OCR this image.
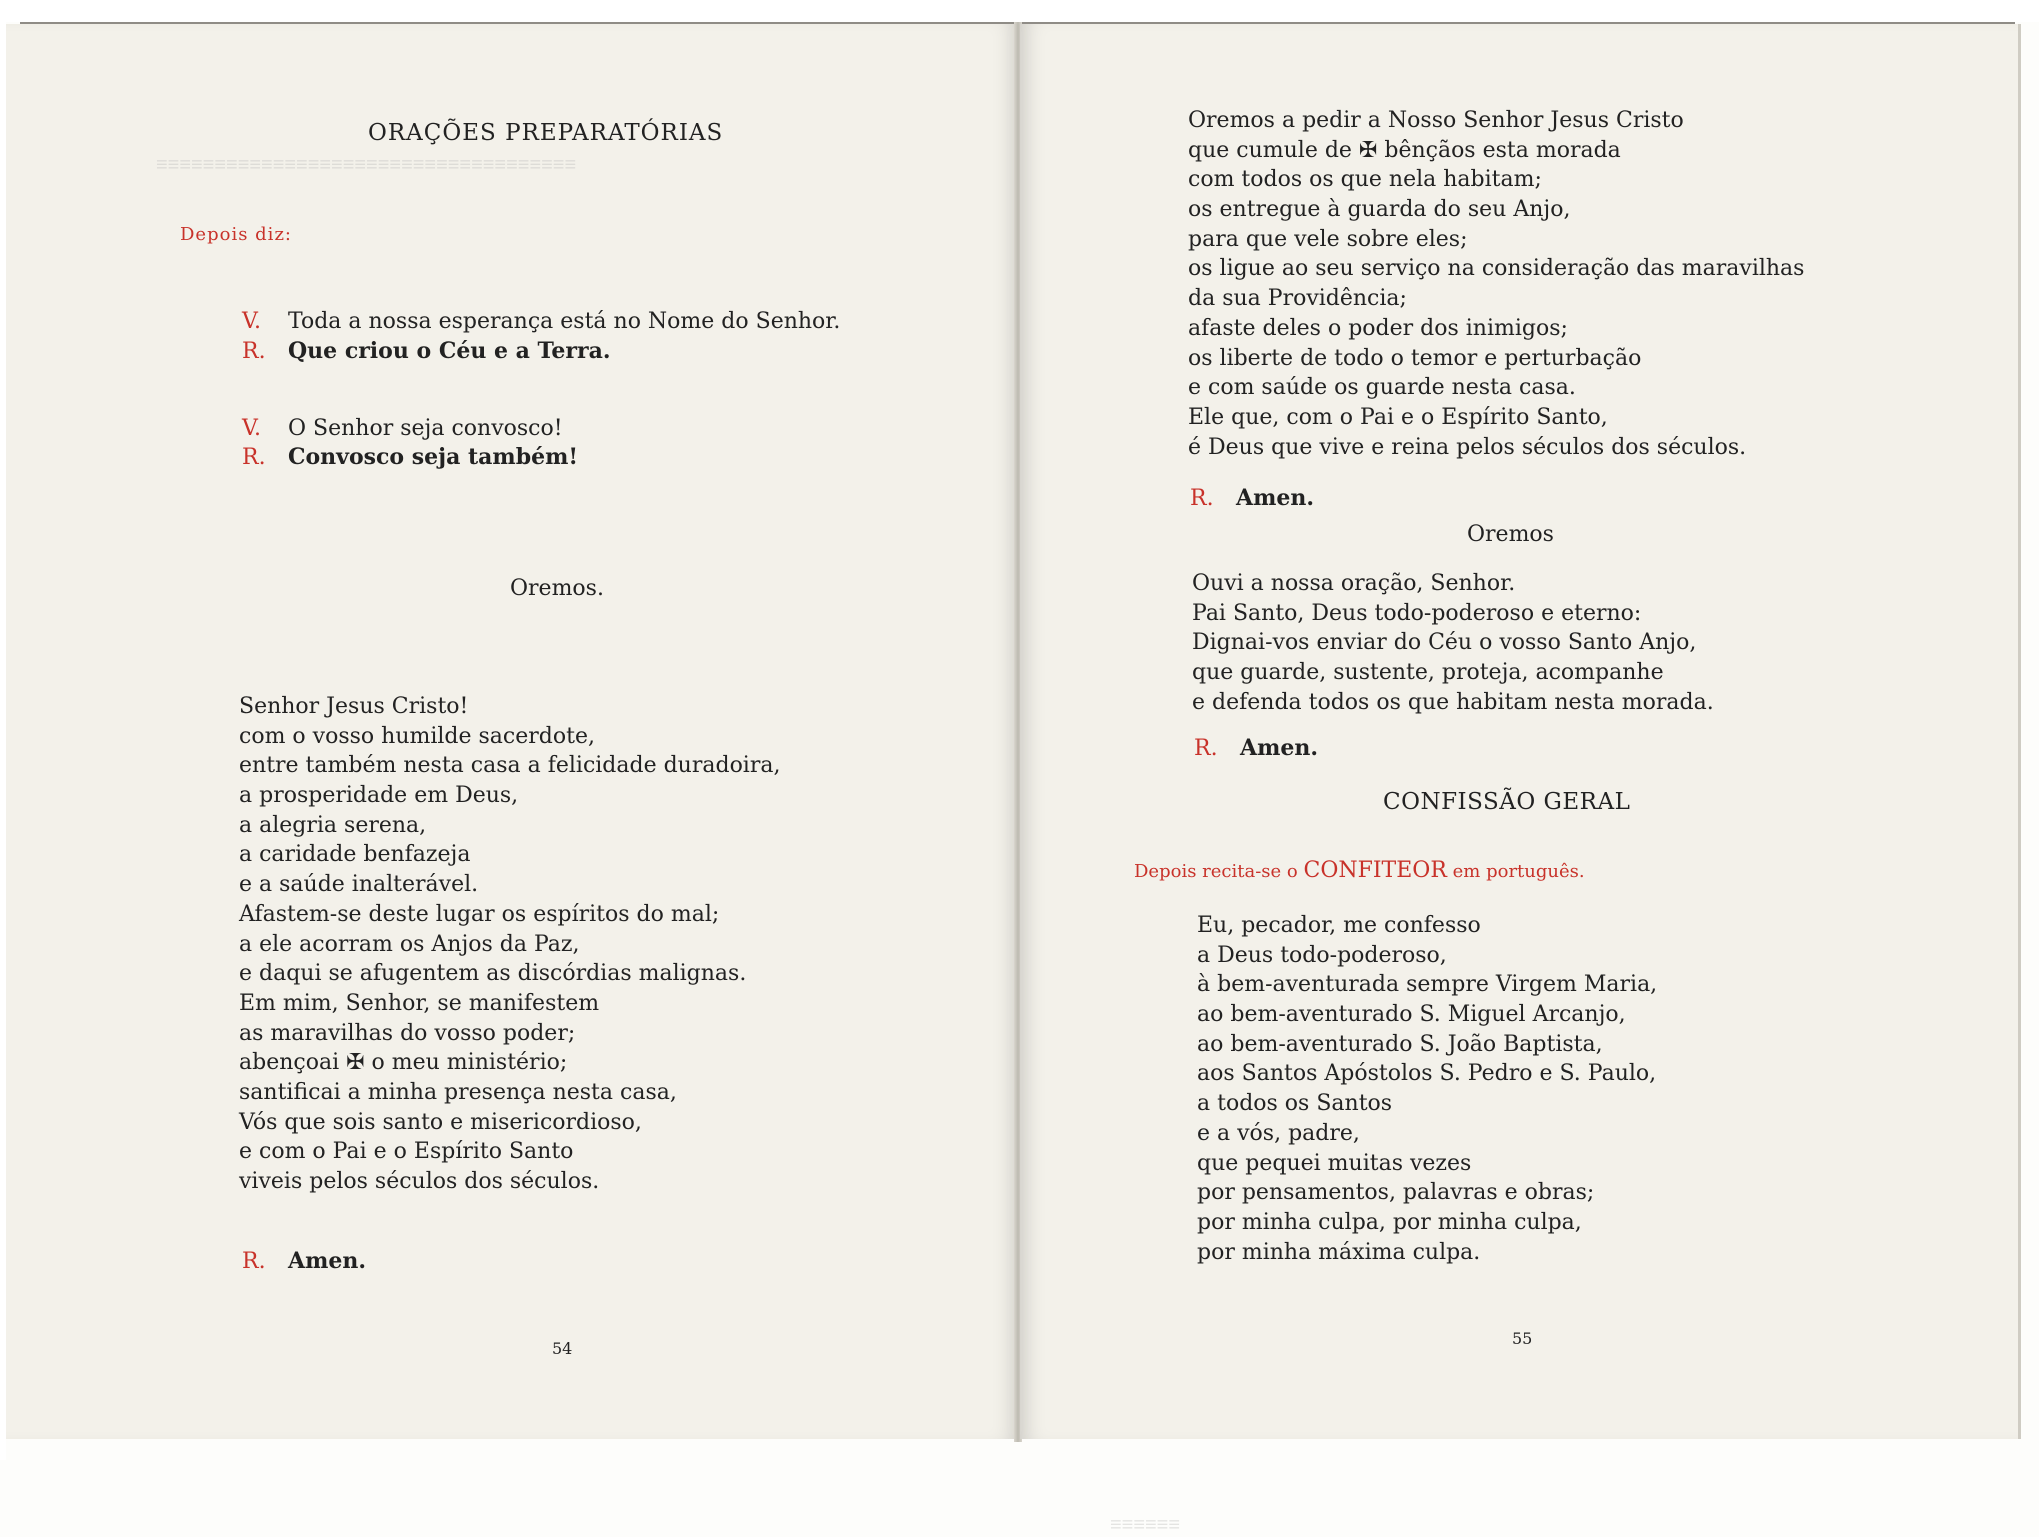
≡≡≡≡≡≡≡≡≡≡≡≡≡≡≡≡≡≡≡≡≡≡≡≡≡≡≡≡≡≡≡≡≡≡≡≡
ORAÇÕES PREPARATÓRIAS
Depois diz:
V. Toda a nossa esperança está no Nome do Senhor.
R. Que criou o Céu e a Terra.
V. O Senhor seja convosco!
R. Convosco seja também!
Oremos.
Senhor Jesus Cristo!
com o vosso humilde sacerdote,
entre também nesta casa a felicidade duradoira,
a prosperidade em Deus,
a alegria serena,
a caridade benfazeja
e a saúde inalterável.
Afastem-se deste lugar os espíritos do mal;
a ele acorram os Anjos da Paz,
e daqui se afugentem as discórdias malignas.
Em mim, Senhor, se manifestem
as maravilhas do vosso poder;
abençoai ✠ o meu ministério;
santificai a minha presença nesta casa,
Vós que sois santo e misericordioso,
e com o Pai e o Espírito Santo
viveis pelos séculos dos séculos.
R. Amen.
54
≡≡≡≡≡≡
Oremos a pedir a Nosso Senhor Jesus Cristo
que cumule de ✠ bênçãos esta morada
com todos os que nela habitam;
os entregue à guarda do seu Anjo,
para que vele sobre eles;
os ligue ao seu serviço na consideração das maravilhas
da sua Providência;
afaste deles o poder dos inimigos;
os liberte de todo o temor e perturbação
e com saúde os guarde nesta casa.
Ele que, com o Pai e o Espírito Santo,
é Deus que vive e reina pelos séculos dos séculos.
R. Amen.
Oremos
Ouvi a nossa oração, Senhor.
Pai Santo, Deus todo-poderoso e eterno:
Dignai-vos enviar do Céu o vosso Santo Anjo,
que guarde, sustente, proteja, acompanhe
e defenda todos os que habitam nesta morada.
R. Amen.
CONFISSÃO GERAL
Depois recita-se o CONFITEOR em português.
Eu, pecador, me confesso
a Deus todo-poderoso,
à bem-aventurada sempre Virgem Maria,
ao bem-aventurado S. Miguel Arcanjo,
ao bem-aventurado S. João Baptista,
aos Santos Apóstolos S. Pedro e S. Paulo,
a todos os Santos
e a vós, padre,
que pequei muitas vezes
por pensamentos, palavras e obras;
por minha culpa, por minha culpa,
por minha máxima culpa.
55
